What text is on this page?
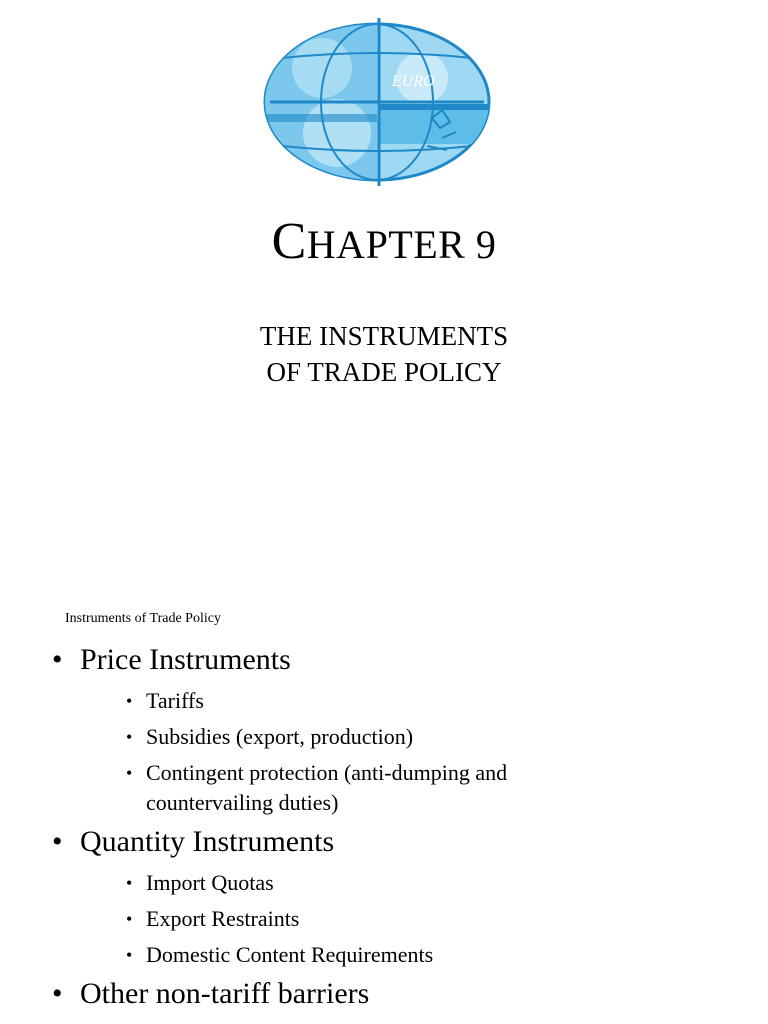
EURO
CHAPTER 9
THE INSTRUMENTS
OF TRADE POLICY
Instruments of Trade Policy
• Price Instruments
• Tariffs
• Subsidies (export, production)
• Contingent protection (anti-dumping and countervailing duties)
• Quantity Instruments
• Import Quotas
• Export Restraints
• Domestic Content Requirements
• Other non-tariff barriers
